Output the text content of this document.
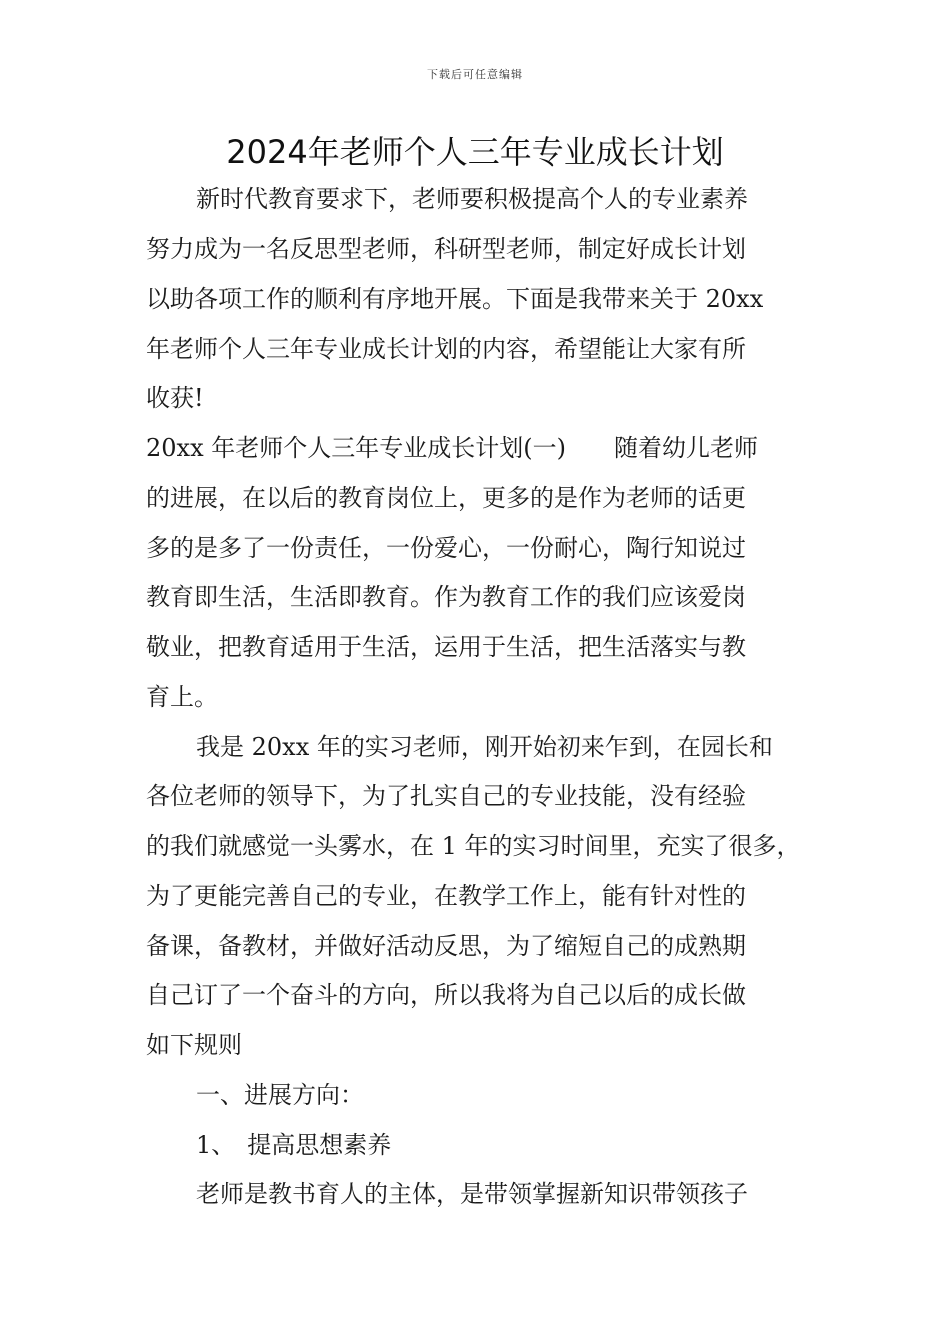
下载后可任意编辑
2024年老师个人三年专业成长计划
新时代教育要求下，老师要积极提高个人的专业素养
努力成为一名反思型老师，科研型老师，制定好成长计划
以助各项工作的顺利有序地开展。下面是我带来关于 20xx
年老师个人三年专业成长计划的内容，希望能让大家有所
收获!
20xx 年老师个人三年专业成长计划(一)　　随着幼儿老师
的进展，在以后的教育岗位上，更多的是作为老师的话更
多的是多了一份责任，一份爱心，一份耐心，陶行知说过
教育即生活，生活即教育。作为教育工作的我们应该爱岗
敬业，把教育适用于生活，运用于生活，把生活落实与教
育上。
我是 20xx 年的实习老师，刚开始初来乍到，在园长和
各位老师的领导下，为了扎实自己的专业技能，没有经验
的我们就感觉一头雾水，在 1 年的实习时间里，充实了很多，
为了更能完善自己的专业，在教学工作上，能有针对性的
备课，备教材，并做好活动反思，为了缩短自己的成熟期
自己订了一个奋斗的方向，所以我将为自己以后的成长做
如下规则
一、进展方向：
1、　提高思想素养
老师是教书育人的主体，是带领掌握新知识带领孩子
